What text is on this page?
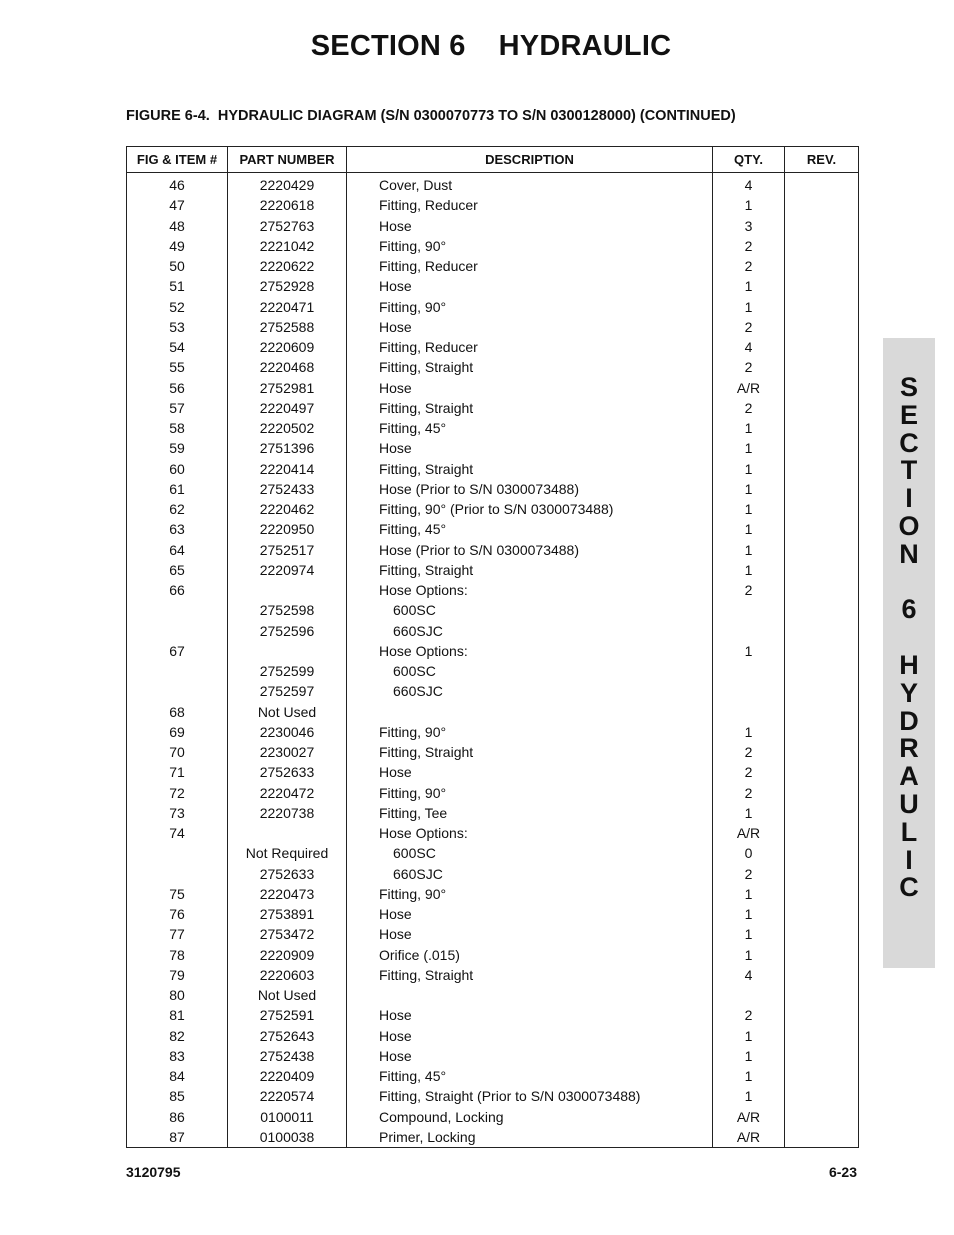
SECTION 6    HYDRAULIC
FIGURE 6-4.  HYDRAULIC DIAGRAM (S/N 0300070773 TO S/N 0300128000) (CONTINUED)
FIG & ITEM #	PART NUMBER	DESCRIPTION	QTY.	REV.
46	2220429	Cover, Dust	4	
47	2220618	Fitting, Reducer	1	
48	2752763	Hose	3	
49	2221042	Fitting, 90°	2	
50	2220622	Fitting, Reducer	2	
51	2752928	Hose	1	
52	2220471	Fitting, 90°	1	
53	2752588	Hose	2	
54	2220609	Fitting, Reducer	4	
55	2220468	Fitting, Straight	2	
56	2752981	Hose	A/R	
57	2220497	Fitting, Straight	2	
58	2220502	Fitting, 45°	1	
59	2751396	Hose	1	
60	2220414	Fitting, Straight	1	
61	2752433	Hose (Prior to S/N 0300073488)	1	
62	2220462	Fitting, 90° (Prior to S/N 0300073488)	1	
63	2220950	Fitting, 45°	1	
64	2752517	Hose (Prior to S/N 0300073488)	1	
65	2220974	Fitting, Straight	1	
66		Hose Options:	2	
	2752598	600SC		
	2752596	660SJC		
67		Hose Options:	1	
	2752599	600SC		
	2752597	660SJC		
68	Not Used			
69	2230046	Fitting, 90°	1	
70	2230027	Fitting, Straight	2	
71	2752633	Hose	2	
72	2220472	Fitting, 90°	2	
73	2220738	Fitting, Tee	1	
74		Hose Options:	A/R	
	Not Required	600SC	0	
	2752633	660SJC	2	
75	2220473	Fitting, 90°	1	
76	2753891	Hose	1	
77	2753472	Hose	1	
78	2220909	Orifice (.015)	1	
79	2220603	Fitting, Straight	4	
80	Not Used			
81	2752591	Hose	2	
82	2752643	Hose	1	
83	2752438	Hose	1	
84	2220409	Fitting, 45°	1	
85	2220574	Fitting, Straight (Prior to S/N 0300073488)	1	
86	0100011	Compound, Locking	A/R	
87	0100038	Primer, Locking	A/R	
S
E
C
T
I
O
N

6

H
Y
D
R
A
U
L
I
C
3120795	6-23
